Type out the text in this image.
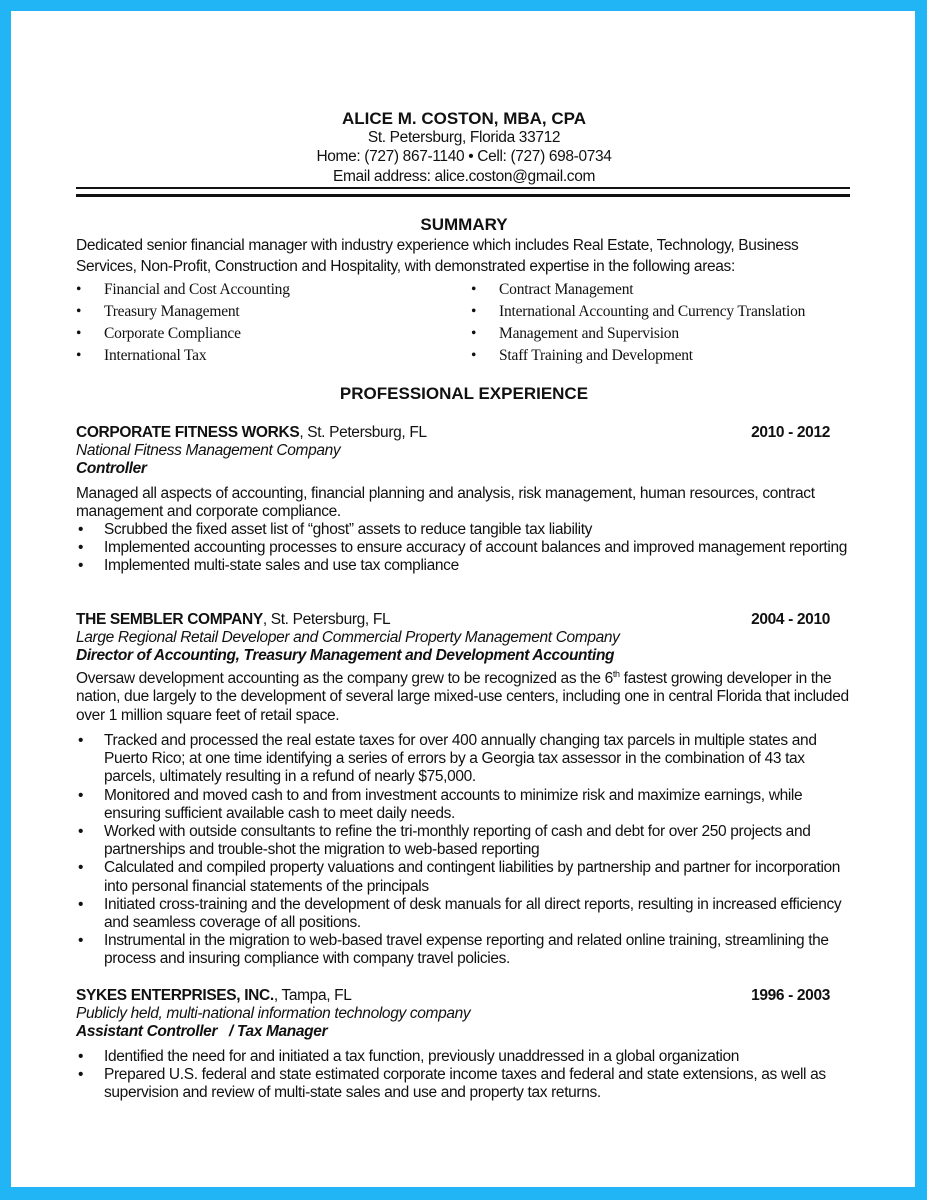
ALICE M. COSTON, MBA, CPA
St. Petersburg, Florida 33712
Home: (727) 867-1140 • Cell: (727) 698-0734
Email address: alice.coston@gmail.com
SUMMARY
Dedicated senior financial manager with industry experience which includes Real Estate, Technology, Business Services, Non-Profit, Construction and Hospitality, with demonstrated expertise in the following areas:
• Financial and Cost Accounting	• Contract Management
• Treasury Management	• International Accounting and Currency Translation
• Corporate Compliance	• Management and Supervision
• International Tax	• Staff Training and Development
PROFESSIONAL EXPERIENCE
CORPORATE FITNESS WORKS, St. Petersburg, FL	2010 - 2012
National Fitness Management Company
Controller
Managed all aspects of accounting, financial planning and analysis, risk management, human resources, contract management and corporate compliance.
• Scrubbed the fixed asset list of “ghost” assets to reduce tangible tax liability
• Implemented accounting processes to ensure accuracy of account balances and improved management reporting
• Implemented multi-state sales and use tax compliance
THE SEMBLER COMPANY, St. Petersburg, FL	2004 - 2010
Large Regional Retail Developer and Commercial Property Management Company
Director of Accounting, Treasury Management and Development Accounting
Oversaw development accounting as the company grew to be recognized as the 6th fastest growing developer in the nation, due largely to the development of several large mixed-use centers, including one in central Florida that included over 1 million square feet of retail space.
• Tracked and processed the real estate taxes for over 400 annually changing tax parcels in multiple states and Puerto Rico; at one time identifying a series of errors by a Georgia tax assessor in the combination of 43 tax parcels, ultimately resulting in a refund of nearly $75,000.
• Monitored and moved cash to and from investment accounts to minimize risk and maximize earnings, while ensuring sufficient available cash to meet daily needs.
• Worked with outside consultants to refine the tri-monthly reporting of cash and debt for over 250 projects and partnerships and trouble-shot the migration to web-based reporting
• Calculated and compiled property valuations and contingent liabilities by partnership and partner for incorporation into personal financial statements of the principals
• Initiated cross-training and the development of desk manuals for all direct reports, resulting in increased efficiency and seamless coverage of all positions.
• Instrumental in the migration to web-based travel expense reporting and related online training, streamlining the process and insuring compliance with company travel policies.
SYKES ENTERPRISES, INC., Tampa, FL	1996 - 2003
Publicly held, multi-national information technology company
Assistant Controller   / Tax Manager
• Identified the need for and initiated a tax function, previously unaddressed in a global organization
• Prepared U.S. federal and state estimated corporate income taxes and federal and state extensions, as well as supervision and review of multi-state sales and use and property tax returns.
